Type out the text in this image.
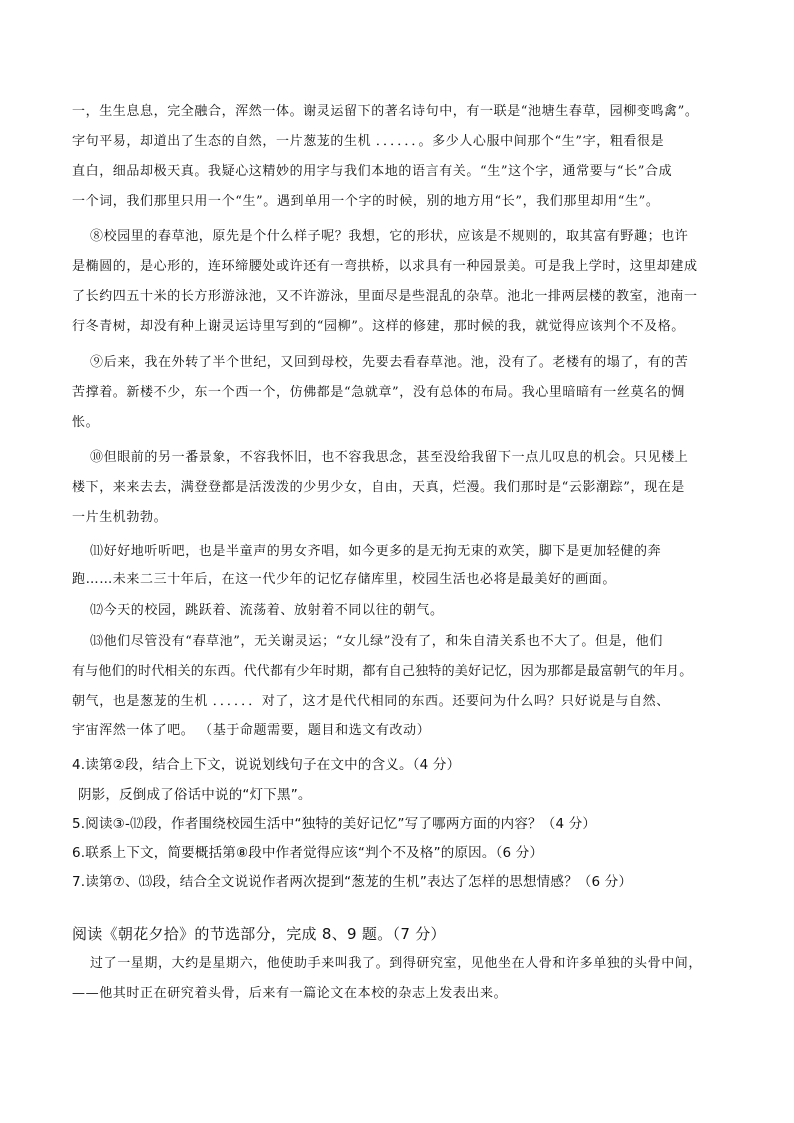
一，生生息息，完全融合，浑然一体。谢灵运留下的著名诗句中，有一联是“池塘生春草，园柳变鸣禽”。
字句平易，却道出了生态的自然，一片葱茏的生机 ．．．．．．。多少人心服中间那个“生”字，粗看很是
直白，细品却极天真。我疑心这精妙的用字与我们本地的语言有关。“生”这个字，通常要与“长”合成
一个词，我们那里只用一个“生”。遇到单用一个字的时候，别的地方用“长”，我们那里却用“生”。
⑧校园里的春草池，原先是个什么样子呢？我想，它的形状，应该是不规则的，取其富有野趣；也许
是椭圆的，是心形的，连环缔腰处或许还有一弯拱桥，以求具有一种园景美。可是我上学时，这里却建成
了长约四五十米的长方形游泳池，又不许游泳，里面尽是些混乱的杂草。池北一排两层楼的教室，池南一
行冬青树，却没有种上谢灵运诗里写到的“园柳”。这样的修建，那时候的我，就觉得应该判个不及格。
⑨后来，我在外转了半个世纪，又回到母校，先要去看春草池。池，没有了。老楼有的塌了，有的苦
苦撑着。新楼不少，东一个西一个，仿佛都是“急就章”，没有总体的布局。我心里暗暗有一丝莫名的惆
怅。
⑩但眼前的另一番景象，不容我怀旧，也不容我思念，甚至没给我留下一点儿叹息的机会。只见楼上
楼下，来来去去，满登登都是活泼泼的少男少女，自由，天真，烂漫。我们那时是“云影潮踪”，现在是
一片生机勃勃。
⑾好好地听听吧，也是半童声的男女齐唱，如今更多的是无拘无束的欢笑，脚下是更加轻健的奔
跑……未来二三十年后，在这一代少年的记忆存储库里，校园生活也必将是最美好的画面。
⑿今天的校园，跳跃着、流荡着、放射着不同以往的朝气。
⒀他们尽管没有“春草池”，无关谢灵运；“女儿绿”没有了，和朱自清关系也不大了。但是，他们
有与他们的时代相关的东西。代代都有少年时期，都有自己独特的美好记忆，因为那都是最富朝气的年月。
朝气，也是葱茏的生机 ．．．．．．对了，这才是代代相同的东西。还要问为什么吗？只好说是与自然、
宇宙浑然一体了吧。 （基于命题需要，题目和选文有改动）
4.读第②段，结合上下文，说说划线句子在文中的含义。（4 分）
阴影，反倒成了俗话中说的“灯下黑”。
5.阅读③-⑿段，作者围绕校园生活中“独特的美好记忆”写了哪两方面的内容？（4 分）
6.联系上下文，简要概括第⑧段中作者觉得应该“判个不及格”的原因。（6 分）
7.读第⑦、⒀段，结合全文说说作者两次提到“葱茏的生机”表达了怎样的思想情感？（6 分）
阅读《朝花夕拾》的节选部分，完成 8、9 题。（7 分）
过了一星期，大约是星期六，他使助手来叫我了。到得研究室，见他坐在人骨和许多单独的头骨中间，
——他其时正在研究着头骨，后来有一篇论文在本校的杂志上发表出来。
